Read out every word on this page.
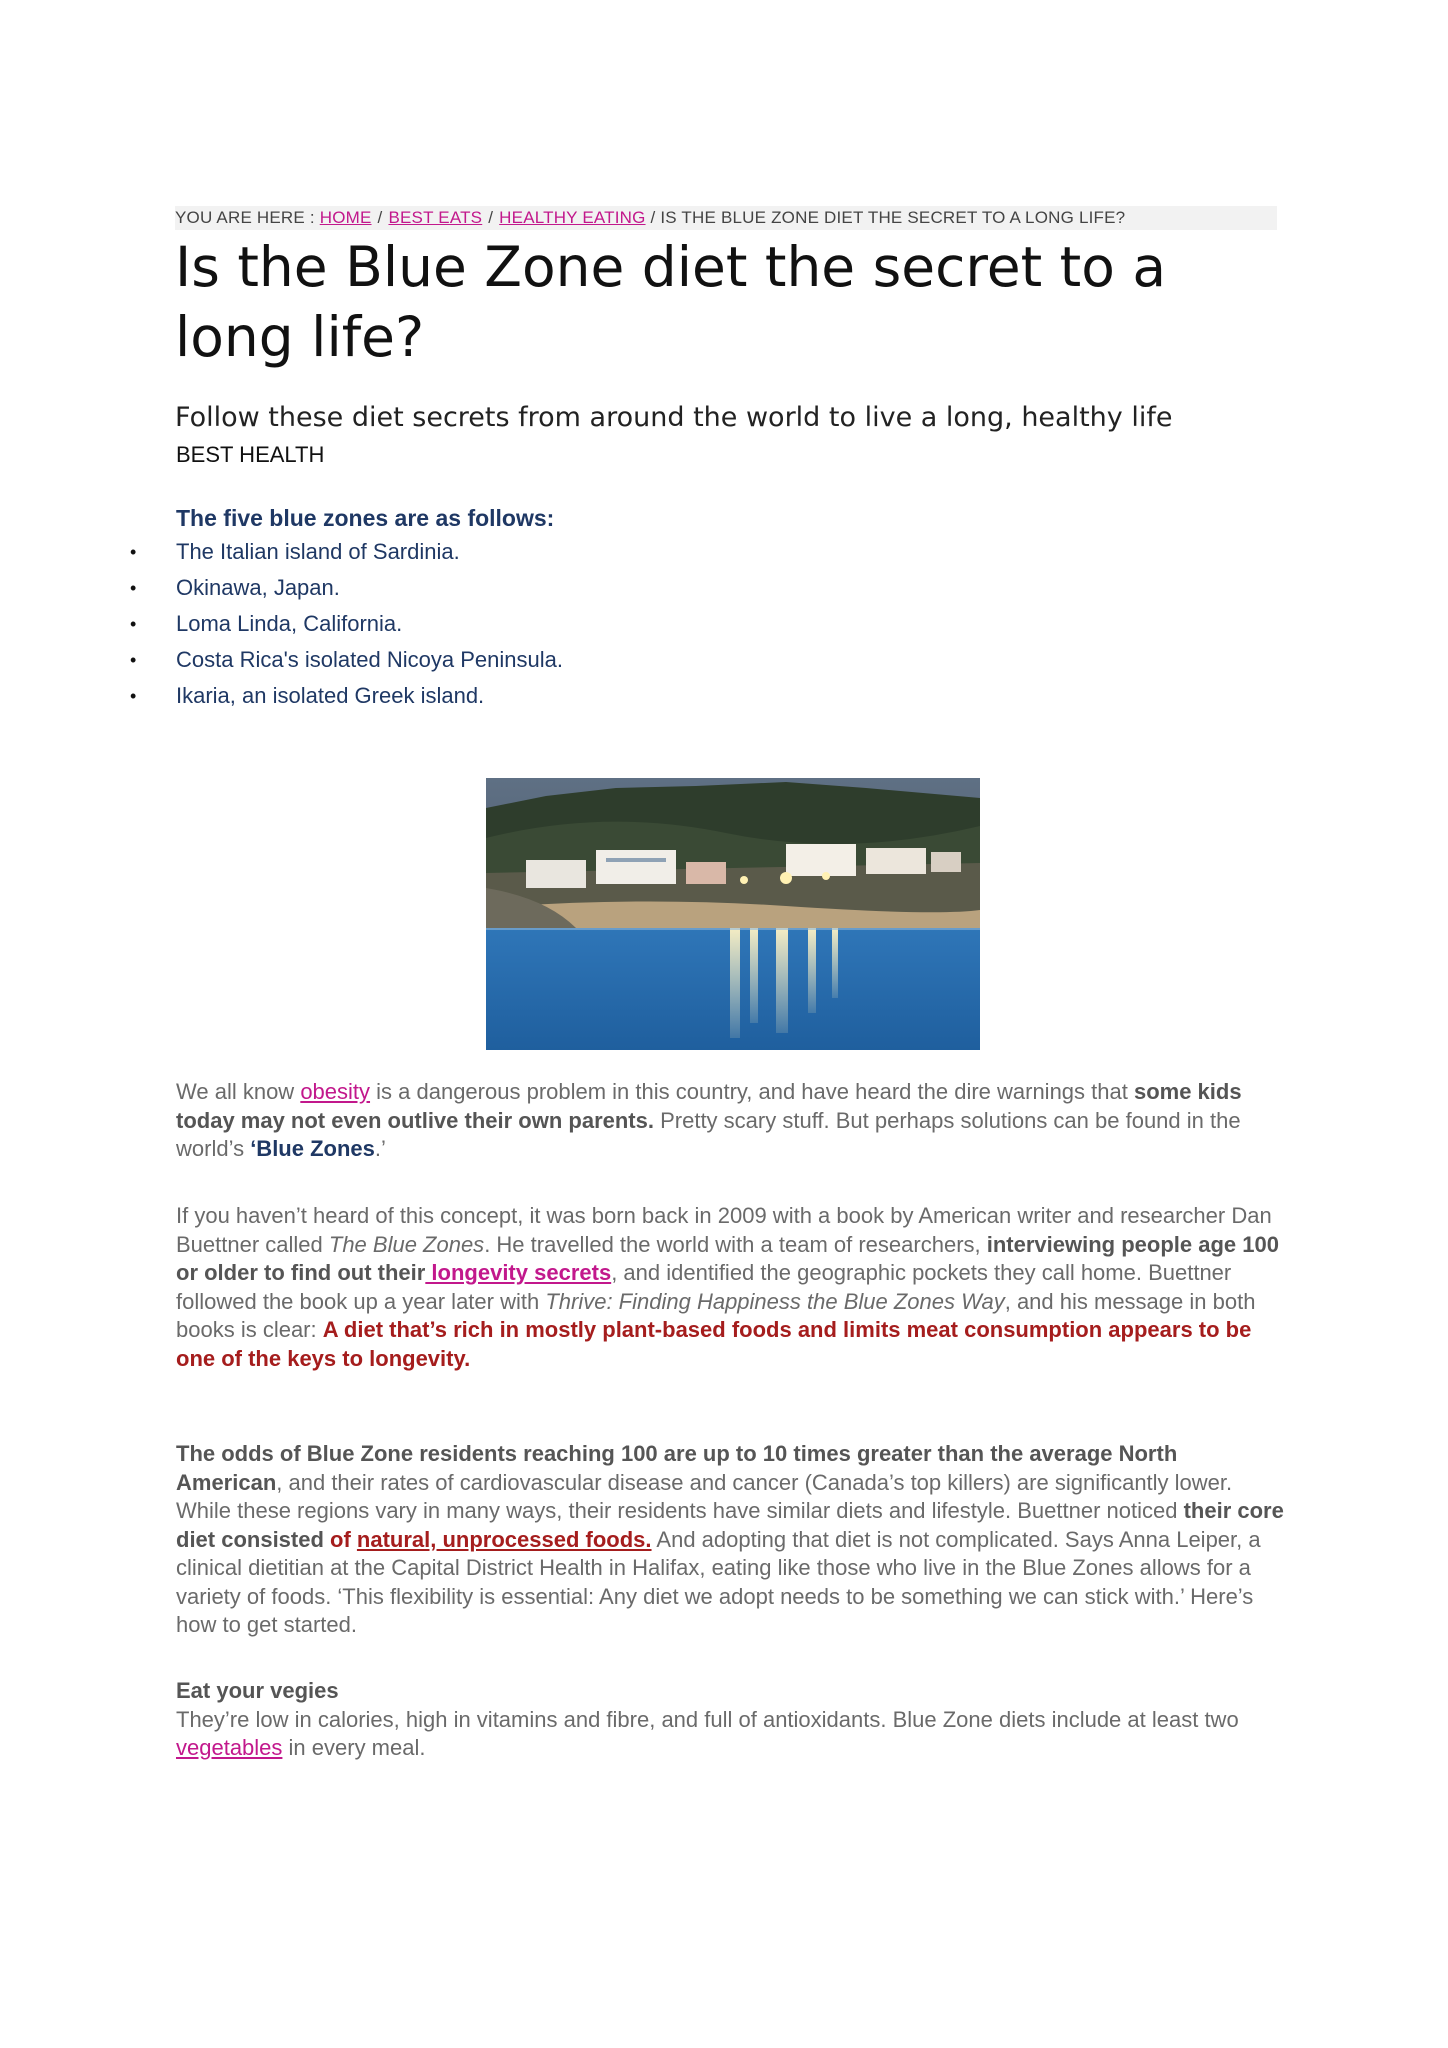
YOU ARE HERE : HOME / BEST EATS / HEALTHY EATING / IS THE BLUE ZONE DIET THE SECRET TO A LONG LIFE?
Is the Blue Zone diet the secret to a long life?
Follow these diet secrets from around the world to live a long, healthy life
BEST HEALTH
The five blue zones are as follows:
• The Italian island of Sardinia.
• Okinawa, Japan.
• Loma Linda, California.
• Costa Rica's isolated Nicoya Peninsula.
• Ikaria, an isolated Greek island.
We all know obesity is a dangerous problem in this country, and have heard the dire warnings that some kids today may not even outlive their own parents. Pretty scary stuff. But perhaps solutions can be found in the world’s ‘Blue Zones.’
If you haven’t heard of this concept, it was born back in 2009 with a book by American writer and researcher Dan Buettner called The Blue Zones. He travelled the world with a team of researchers, interviewing people age 100 or older to find out their longevity secrets, and identified the geographic pockets they call home. Buettner followed the book up a year later with Thrive: Finding Happiness the Blue Zones Way, and his message in both books is clear: A diet that’s rich in mostly plant-based foods and limits meat consumption appears to be one of the keys to longevity.
The odds of Blue Zone residents reaching 100 are up to 10 times greater than the average North American, and their rates of cardiovascular disease and cancer (Canada’s top killers) are significantly lower. While these regions vary in many ways, their residents have similar diets and lifestyle. Buettner noticed their core diet consisted of natural, unprocessed foods. And adopting that diet is not complicated. Says Anna Leiper, a clinical dietitian at the Capital District Health in Halifax, eating like those who live in the Blue Zones allows for a variety of foods. ‘This flexibility is essential: Any diet we adopt needs to be something we can stick with.’ Here’s how to get started.
Eat your vegies
They’re low in calories, high in vitamins and fibre, and full of antioxidants. Blue Zone diets include at least two vegetables in every meal.
